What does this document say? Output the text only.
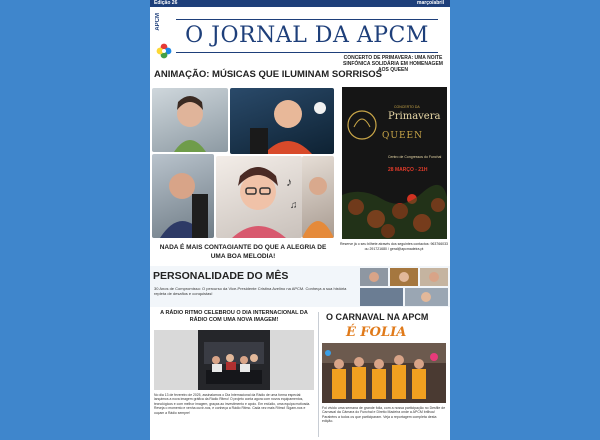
Edição 26	março/abril
APCM
O JORNAL DA APCM
ANIMAÇÃO: MÚSICAS QUE ILUMINAM SORRISOS
♪
♫
NADA É MAIS CONTAGIANTE DO QUE A ALEGRIA DE UMA BOA MELODIA!
CONCERTO DE PRIMAVERA: UMA NOITE SINFÓNICA SOLIDÁRIA EM HOMENAGEM AOS QUEEN
CONCERTO DA
Primavera
QUEEN
Centro de Congressos do Funchal
28 MARÇO - 21H
Reserve já o seu bilhete através dos seguintes contactos: 963766033 ou 291721680 / geral@apcmadeira.pt
PERSONALIDADE DO MÊS
30 Anos de Compromisso: O percurso da Vice-Presidente Cristina Avelino na APCM. Conheça a sua história repleta de desafios e conquistas!
A RÁDIO RITMO CELEBROU O DIA INTERNACIONAL DA RÁDIO COM UMA NOVA IMAGEM!
No dia 13 de fevereiro de 2025, assinalamos o Dia Internacional da Rádio de uma forma especial: lançámos a nova imagem gráfica da Rádio Ritmo! O projeto conta agora com novos equipamentos, tecnológicos e com melhor imagem, graças ao investimento e apoio. Em estúdio, uma equipa motivada. Reveja o momento e venha ouvir-nos, e conheça a Rádio Ritmo. Cada vez mais Ritmo! Sigam-nos e ouçam a Rádio sempre!
O CARNAVAL NA APCM
É FOLIA
Foi vivido uma semana de grande folia, com a nossa participação no Desfile de Carnaval da Câmara do Funchal e Direito Madeira onde a APCM brilhou! Parabéns a todos os que participaram. Veja a reportagem completa desta edição.
